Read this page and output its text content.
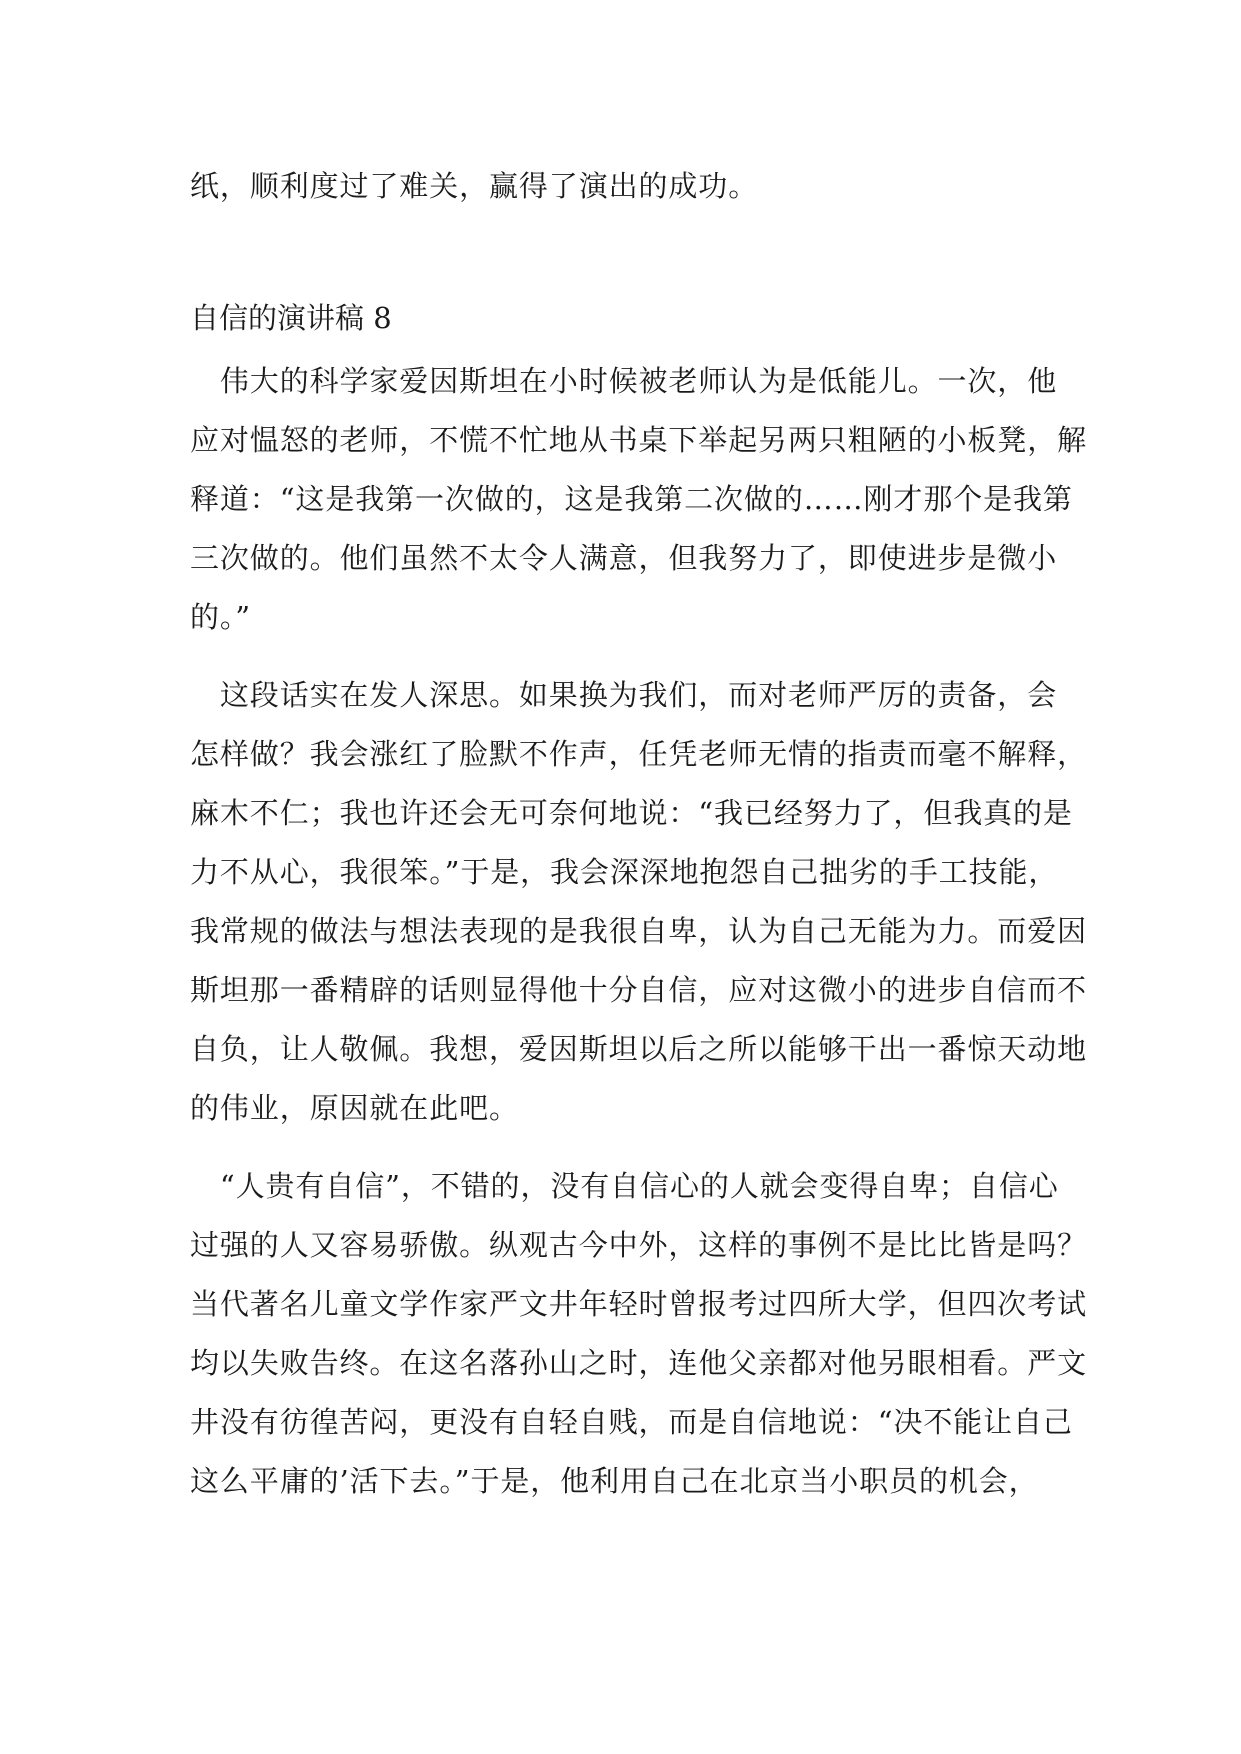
纸，顺利度过了难关，赢得了演出的成功。
自信的演讲稿 8
　伟大的科学家爱因斯坦在小时候被老师认为是低能儿。一次，他
应对愠怒的老师，不慌不忙地从书桌下举起另两只粗陋的小板凳，解
释道：“这是我第一次做的，这是我第二次做的……刚才那个是我第
三次做的。他们虽然不太令人满意，但我努力了，即使进步是微小
的。”
　这段话实在发人深思。如果换为我们，而对老师严厉的责备，会
怎样做？我会涨红了脸默不作声，任凭老师无情的指责而毫不解释，
麻木不仁；我也许还会无可奈何地说：“我已经努力了，但我真的是
力不从心，我很笨。”于是，我会深深地抱怨自己拙劣的手工技能，
我常规的做法与想法表现的是我很自卑，认为自己无能为力。而爱因
斯坦那一番精辟的话则显得他十分自信，应对这微小的进步自信而不
自负，让人敬佩。我想，爱因斯坦以后之所以能够干出一番惊天动地
的伟业，原因就在此吧。
　“人贵有自信”，不错的，没有自信心的人就会变得自卑；自信心
过强的人又容易骄傲。纵观古今中外，这样的事例不是比比皆是吗？
当代著名儿童文学作家严文井年轻时曾报考过四所大学，但四次考试
均以失败告终。在这名落孙山之时，连他父亲都对他另眼相看。严文
井没有彷徨苦闷，更没有自轻自贱，而是自信地说：“决不能让自己
这么平庸的’活下去。”于是，他利用自己在北京当小职员的机会，
